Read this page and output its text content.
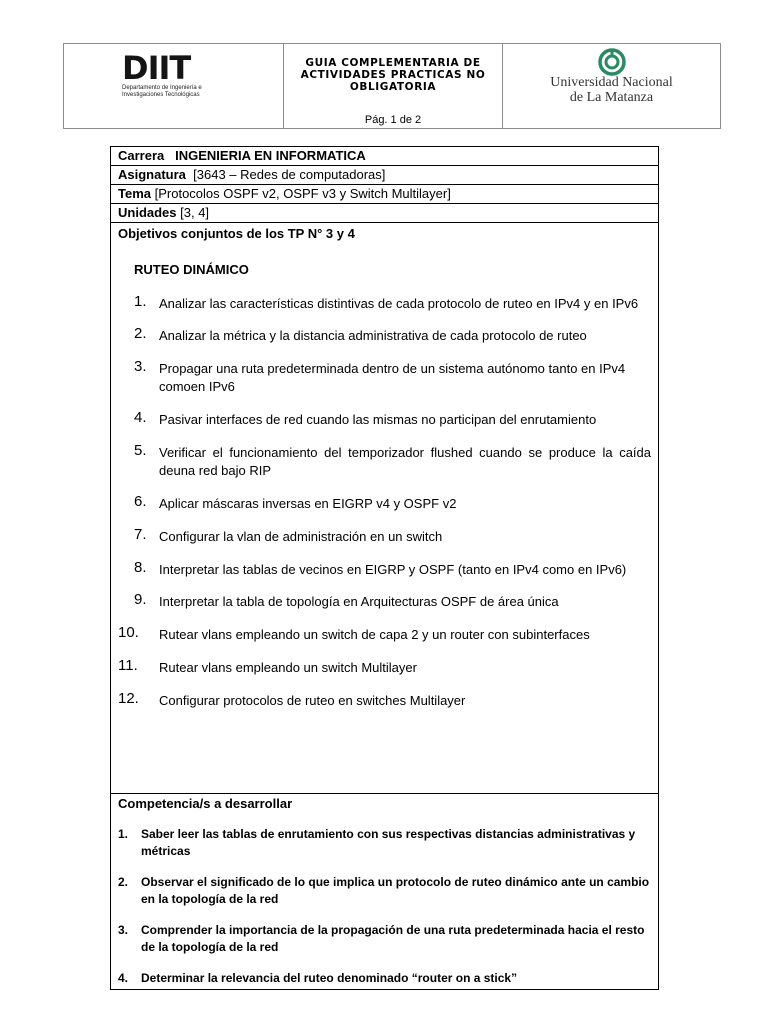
DIIT
Departamento de Ingeniería e
Investigaciones Tecnológicas
GUIA COMPLEMENTARIA DE
ACTIVIDADES PRACTICAS NO
OBLIGATORIA
Pág. 1 de 2
Universidad Nacional
de La Matanza
Carrera INGENIERIA EN INFORMATICA
Asignatura [3643 – Redes de computadoras]
Tema [Protocolos OSPF v2, OSPF v3 y Switch Multilayer]
Unidades [3, 4]
Objetivos conjuntos de los TP N° 3 y 4
RUTEO DINÁMICO
1. Analizar las características distintivas de cada protocolo de ruteo en IPv4 y en IPv6
2. Analizar la métrica y la distancia administrativa de cada protocolo de ruteo
3. Propagar una ruta predeterminada dentro de un sistema autónomo tanto en IPv4 comoen IPv6
4. Pasivar interfaces de red cuando las mismas no participan del enrutamiento
5. Verificar el funcionamiento del temporizador flushed cuando se produce la caída deuna red bajo RIP
6. Aplicar máscaras inversas en EIGRP v4 y OSPF v2
7. Configurar la vlan de administración en un switch
8. Interpretar las tablas de vecinos en EIGRP y OSPF (tanto en IPv4 como en IPv6)
9. Interpretar la tabla de topología en Arquitecturas OSPF de área única
10. Rutear vlans empleando un switch de capa 2 y un router con subinterfaces
11. Rutear vlans empleando un switch Multilayer
12. Configurar protocolos de ruteo en switches Multilayer
Competencia/s a desarrollar
1. Saber leer las tablas de enrutamiento con sus respectivas distancias administrativas y métricas
2. Observar el significado de lo que implica un protocolo de ruteo dinámico ante un cambio en la topología de la red
3. Comprender la importancia de la propagación de una ruta predeterminada hacia el resto de la topología de la red
4. Determinar la relevancia del ruteo denominado “router on a stick”
